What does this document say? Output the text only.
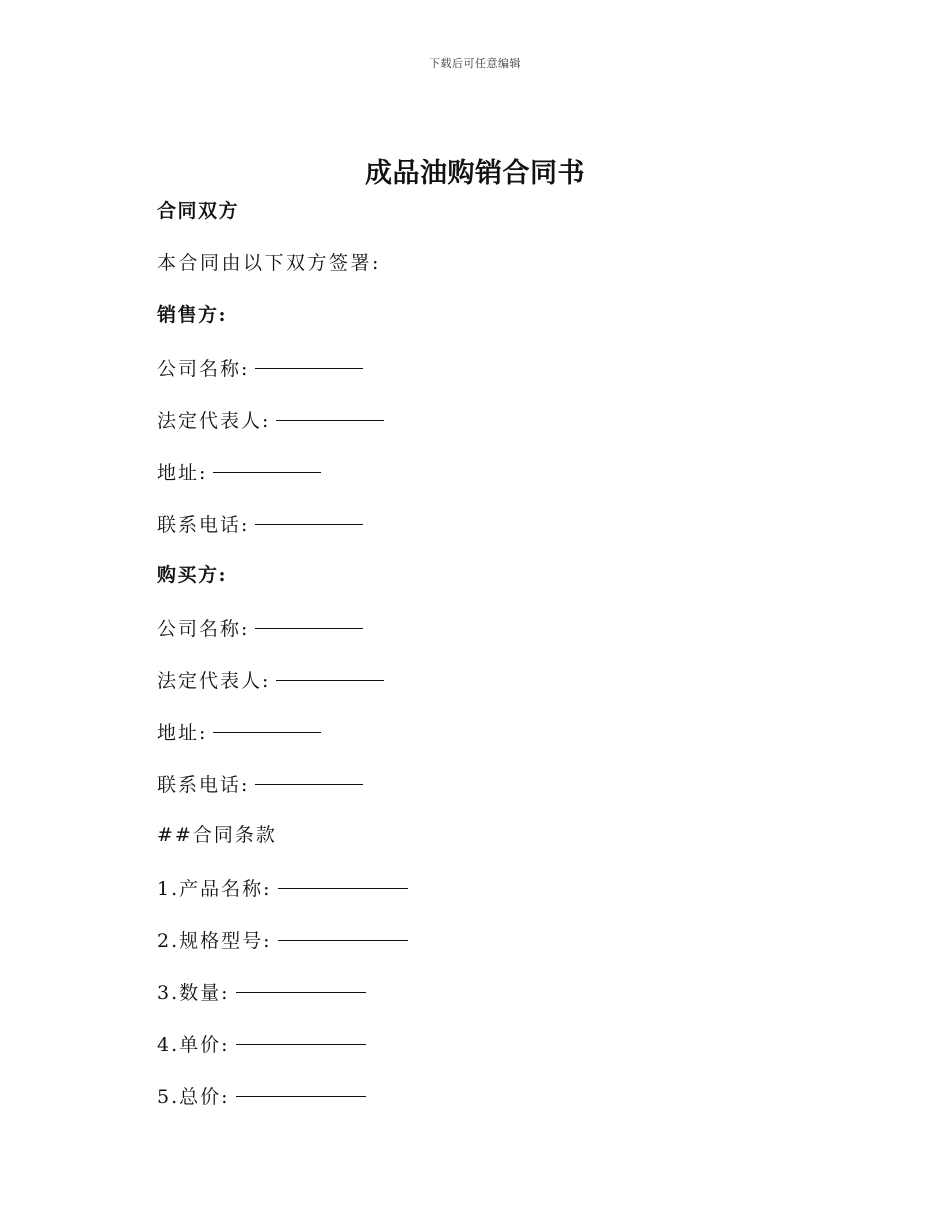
下载后可任意编辑
成品油购销合同书
合同双方
本合同由以下双方签署:
销售方:
公司名称:
法定代表人:
地址:
联系电话:
购买方:
公司名称:
法定代表人:
地址:
联系电话:
##合同条款
1.产品名称:
2.规格型号:
3.数量:
4.单价:
5.总价:
